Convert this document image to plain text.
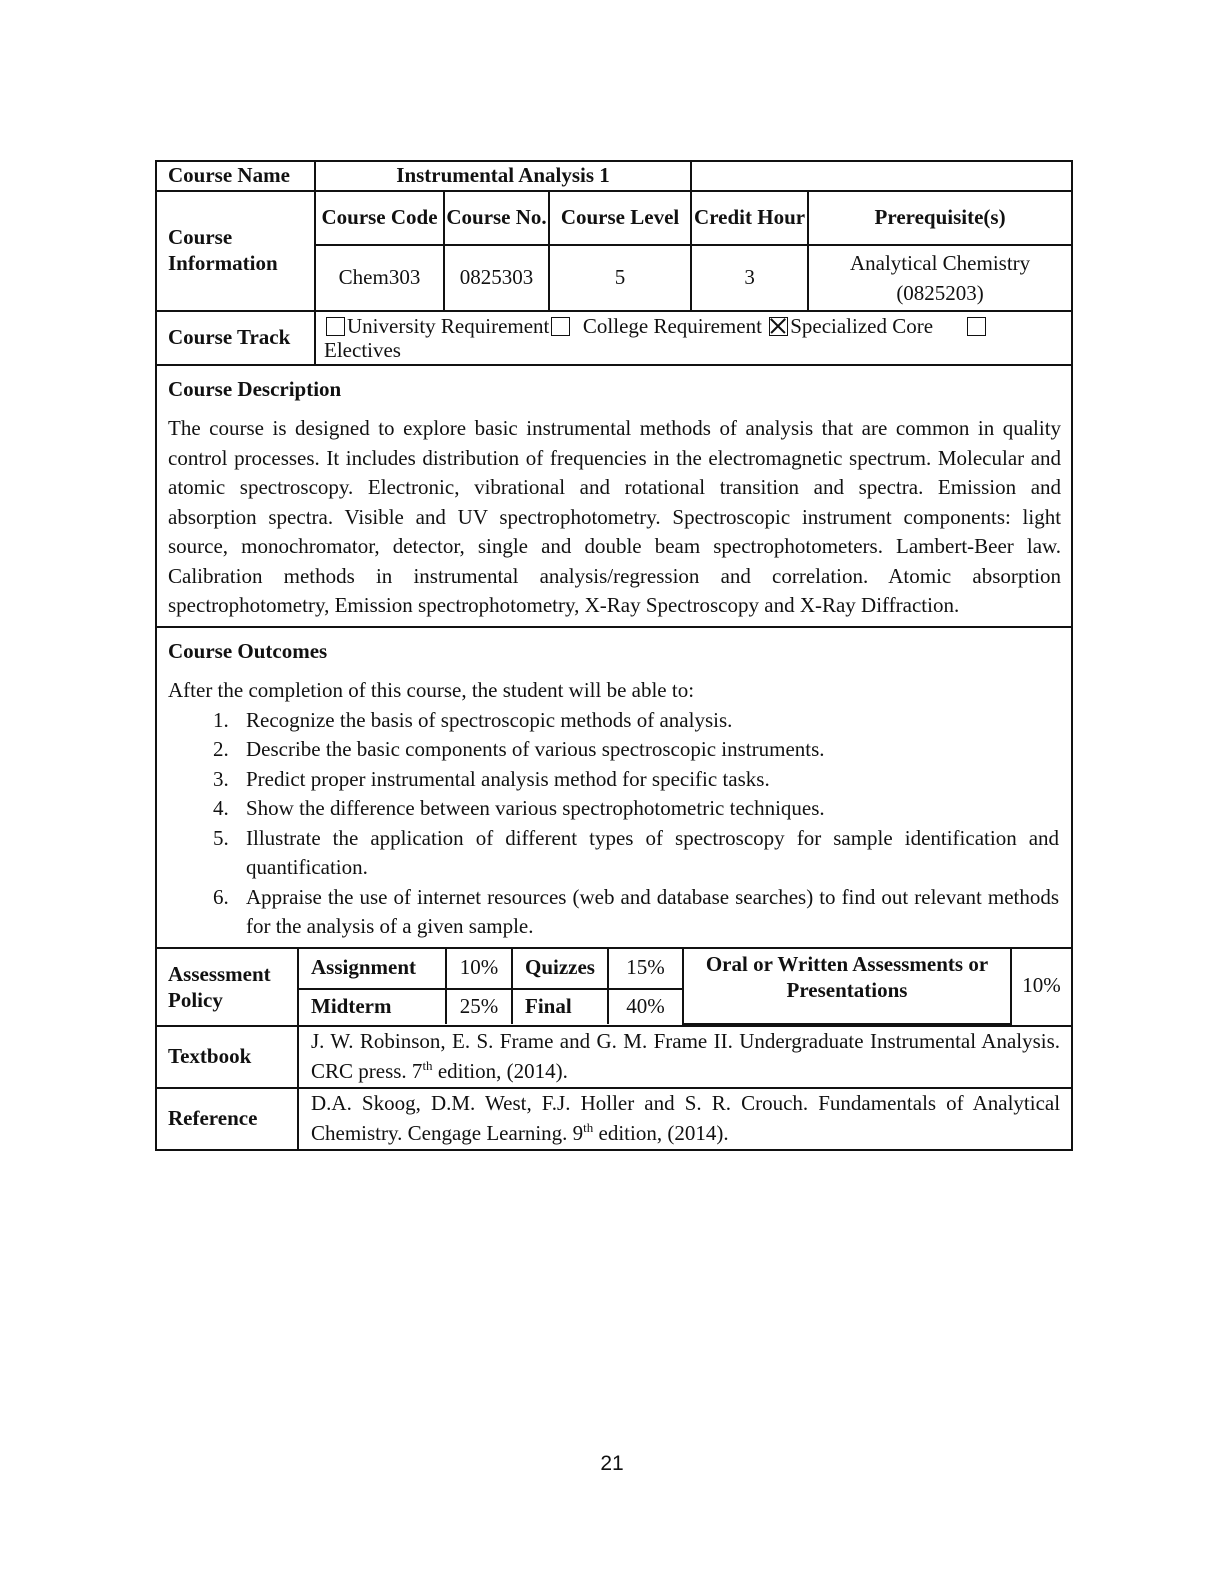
Course Name	Instrumental Analysis 1	
Course Information	Course Code	Course No.	Course Level	Credit Hour	Prerequisite(s)
Chem303	0825303	5	3	Analytical Chemistry
(0825203)
Course Track	University Requirement College Requirement Specialized Core
Electives

Course Description

The course is designed to explore basic instrumental methods of analysis that are common in quality control processes. It includes distribution of frequencies in the electromagnetic spectrum. Molecular and atomic spectroscopy. Electronic, vibrational and rotational transition and spectra. Emission and absorption spectra. Visible and UV spectrophotometry. Spectroscopic instrument components: light source, monochromator, detector, single and double beam spectrophotometers. Lambert-Beer law. Calibration methods in instrumental analysis/regression and correlation. Atomic absorption spectrophotometry, Emission spectrophotometry, X-Ray Spectroscopy and X-Ray Diffraction.

Course Outcomes
After the completion of this course, the student will be able to:
1. Recognize the basis of spectroscopic methods of analysis.
2. Describe the basic components of various spectroscopic instruments.
3. Predict proper instrumental analysis method for specific tasks.
4. Show the difference between various spectrophotometric techniques.
5. Illustrate the application of different types of spectroscopy for sample identification and quantification.
6. Appraise the use of internet resources (web and database searches) to find out relevant methods for the analysis of a given sample.

Assessment Policy	
Assignment	10%	Quizzes	15%	Oral or Written Assessments or Presentations	10%
Midterm	25%	Final	40%

Textbook	J. W. Robinson, E. S. Frame and G. M. Frame II. Undergraduate Instrumental Analysis. CRC press. 7th edition, (2014).
Reference	D.A. Skoog, D.M. West, F.J. Holler and S. R. Crouch. Fundamentals of Analytical Chemistry. Cengage Learning. 9th edition, (2014).
21
